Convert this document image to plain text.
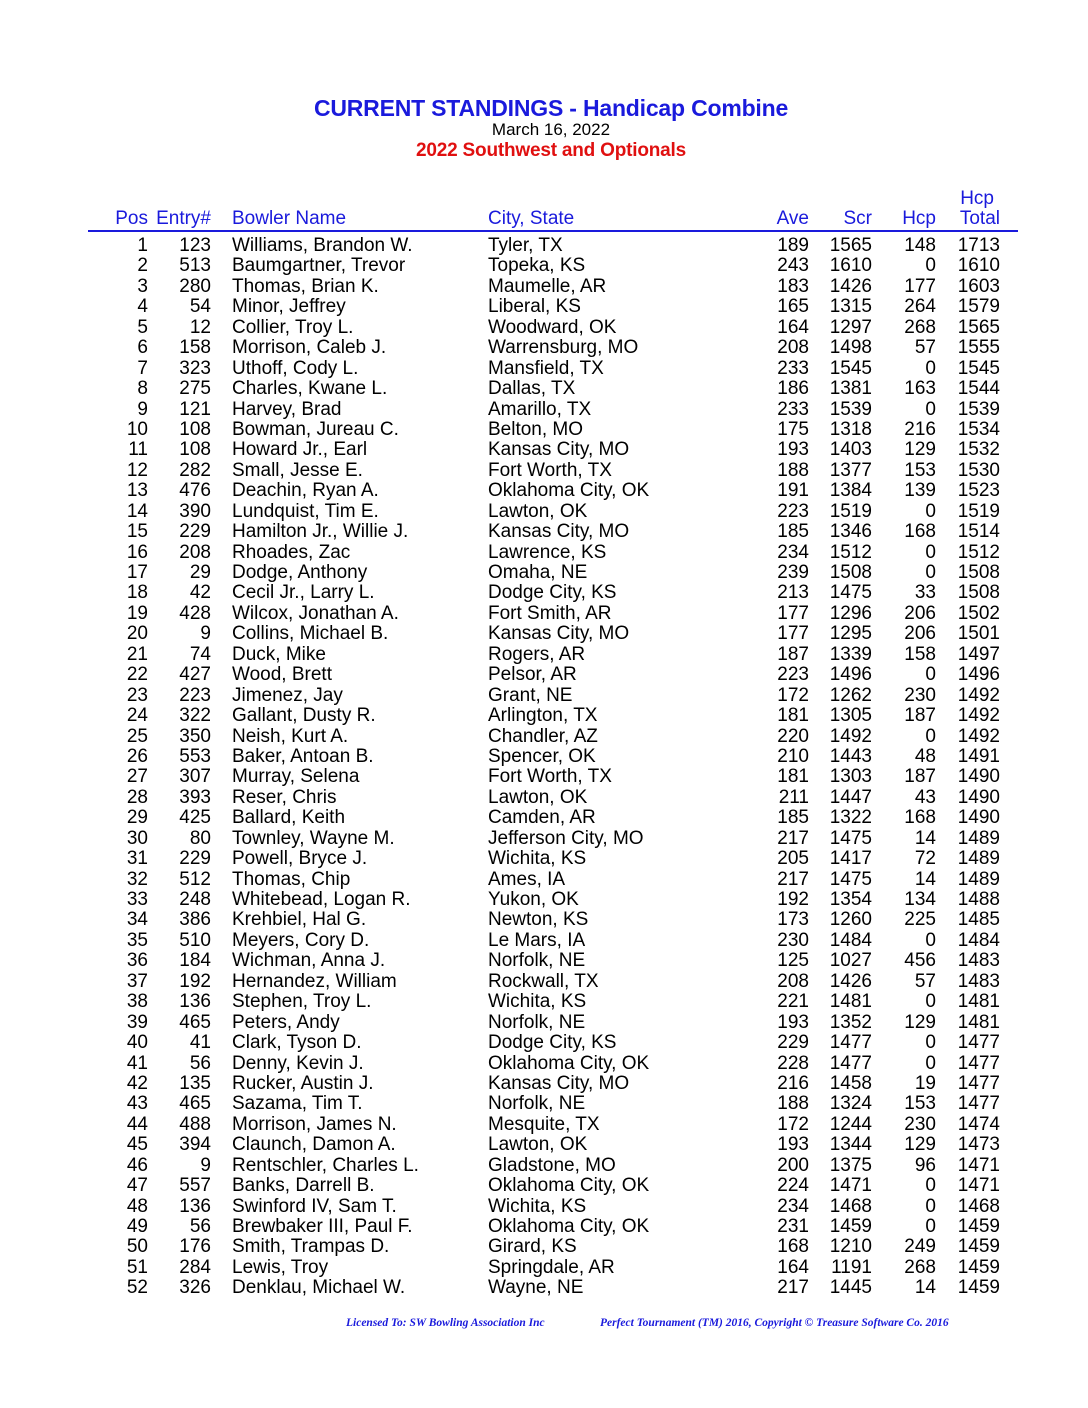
CURRENT STANDINGS - Handicap Combine
March 16, 2022
2022 Southwest and Optionals
Pos Entry# Bowler Name	City, State	Ave Scr Hcp
Hcp
Total
1 123 Williams, Brandon W.	Tyler, TX	189 1565 148 1713
2 513 Baumgartner, Trevor	Topeka, KS	243 1610	0 1610
3 280 Thomas, Brian K.	Maumelle, AR	183 1426 177 1603
4 54 Minor, Jeffrey	Liberal, KS	165 1315 264 1579
5 12 Collier, Troy L.	Woodward, OK	164 1297 268 1565
6 158 Morrison, Caleb J.	Warrensburg, MO	208 1498 57 1555
7 323 Uthoff, Cody L.	Mansfield, TX	233 1545	0 1545
8 275 Charles, Kwane L.	Dallas, TX	186 1381 163 1544
9 121 Harvey, Brad	Amarillo, TX	233 1539	0 1539
10 108 Bowman, Jureau C.	Belton, MO	175 1318 216 1534
11 108 Howard Jr., Earl	Kansas City, MO	193 1403 129 1532
12 282 Small, Jesse E.	Fort Worth, TX	188 1377 153 1530
13 476 Deachin, Ryan A.	Oklahoma City, OK	191 1384 139 1523
14 390 Lundquist, Tim E.	Lawton, OK	223 1519	0 1519
15 229 Hamilton Jr., Willie J.	Kansas City, MO	185 1346 168 1514
16 208 Rhoades, Zac	Lawrence, KS	234 1512	0 1512
17 29 Dodge, Anthony	Omaha, NE	239 1508	0 1508
18 42 Cecil Jr., Larry L.	Dodge City, KS	213 1475 33 1508
19 428 Wilcox, Jonathan A.	Fort Smith, AR	177 1296 206 1502
20	9 Collins, Michael B.	Kansas City, MO	177 1295 206 1501
21 74 Duck, Mike	Rogers, AR	187 1339 158 1497
22 427 Wood, Brett	Pelsor, AR	223 1496	0 1496
23 223 Jimenez, Jay	Grant, NE	172 1262 230 1492
24 322 Gallant, Dusty R.	Arlington, TX	181 1305 187 1492
25 350 Neish, Kurt A.	Chandler, AZ	220 1492	0 1492
26 553 Baker, Antoan B.	Spencer, OK	210 1443 48 1491
27 307 Murray, Selena	Fort Worth, TX	181 1303 187 1490
28 393 Reser, Chris	Lawton, OK	211 1447 43 1490
29 425 Ballard, Keith	Camden, AR	185 1322 168 1490
30 80 Townley, Wayne M.	Jefferson City, MO	217 1475 14 1489
31 229 Powell, Bryce J.	Wichita, KS	205 1417 72 1489
32 512 Thomas, Chip	Ames, IA	217 1475 14 1489
33 248 Whitebead, Logan R.	Yukon, OK	192 1354 134 1488
34 386 Krehbiel, Hal G.	Newton, KS	173 1260 225 1485
35 510 Meyers, Cory D.	Le Mars, IA	230 1484	0 1484
36 184 Wichman, Anna J.	Norfolk, NE	125 1027 456 1483
37 192 Hernandez, William	Rockwall, TX	208 1426 57 1483
38 136 Stephen, Troy L.	Wichita, KS	221 1481	0 1481
39 465 Peters, Andy	Norfolk, NE	193 1352 129 1481
40 41 Clark, Tyson D.	Dodge City, KS	229 1477	0 1477
41 56 Denny, Kevin J.	Oklahoma City, OK	228 1477	0 1477
42 135 Rucker, Austin J.	Kansas City, MO	216 1458 19 1477
43 465 Sazama, Tim T.	Norfolk, NE	188 1324 153 1477
44 488 Morrison, James N.	Mesquite, TX	172 1244 230 1474
45 394 Claunch, Damon A.	Lawton, OK	193 1344 129 1473
46	9 Rentschler, Charles L.	Gladstone, MO	200 1375 96 1471
47 557 Banks, Darrell B.	Oklahoma City, OK	224 1471	0 1471
48 136 Swinford IV, Sam T.	Wichita, KS	234 1468	0 1468
49 56 Brewbaker III, Paul F.	Oklahoma City, OK	231 1459	0 1459
50 176 Smith, Trampas D.	Girard, KS	168 1210 249 1459
51 284 Lewis, Troy	Springdale, AR	164 1191 268 1459
52 326 Denklau, Michael W.	Wayne, NE	217 1445 14 1459
Licensed To: SW Bowling Association Inc	Perfect Tournament (TM) 2016, Copyright © Treasure Software Co. 2016
